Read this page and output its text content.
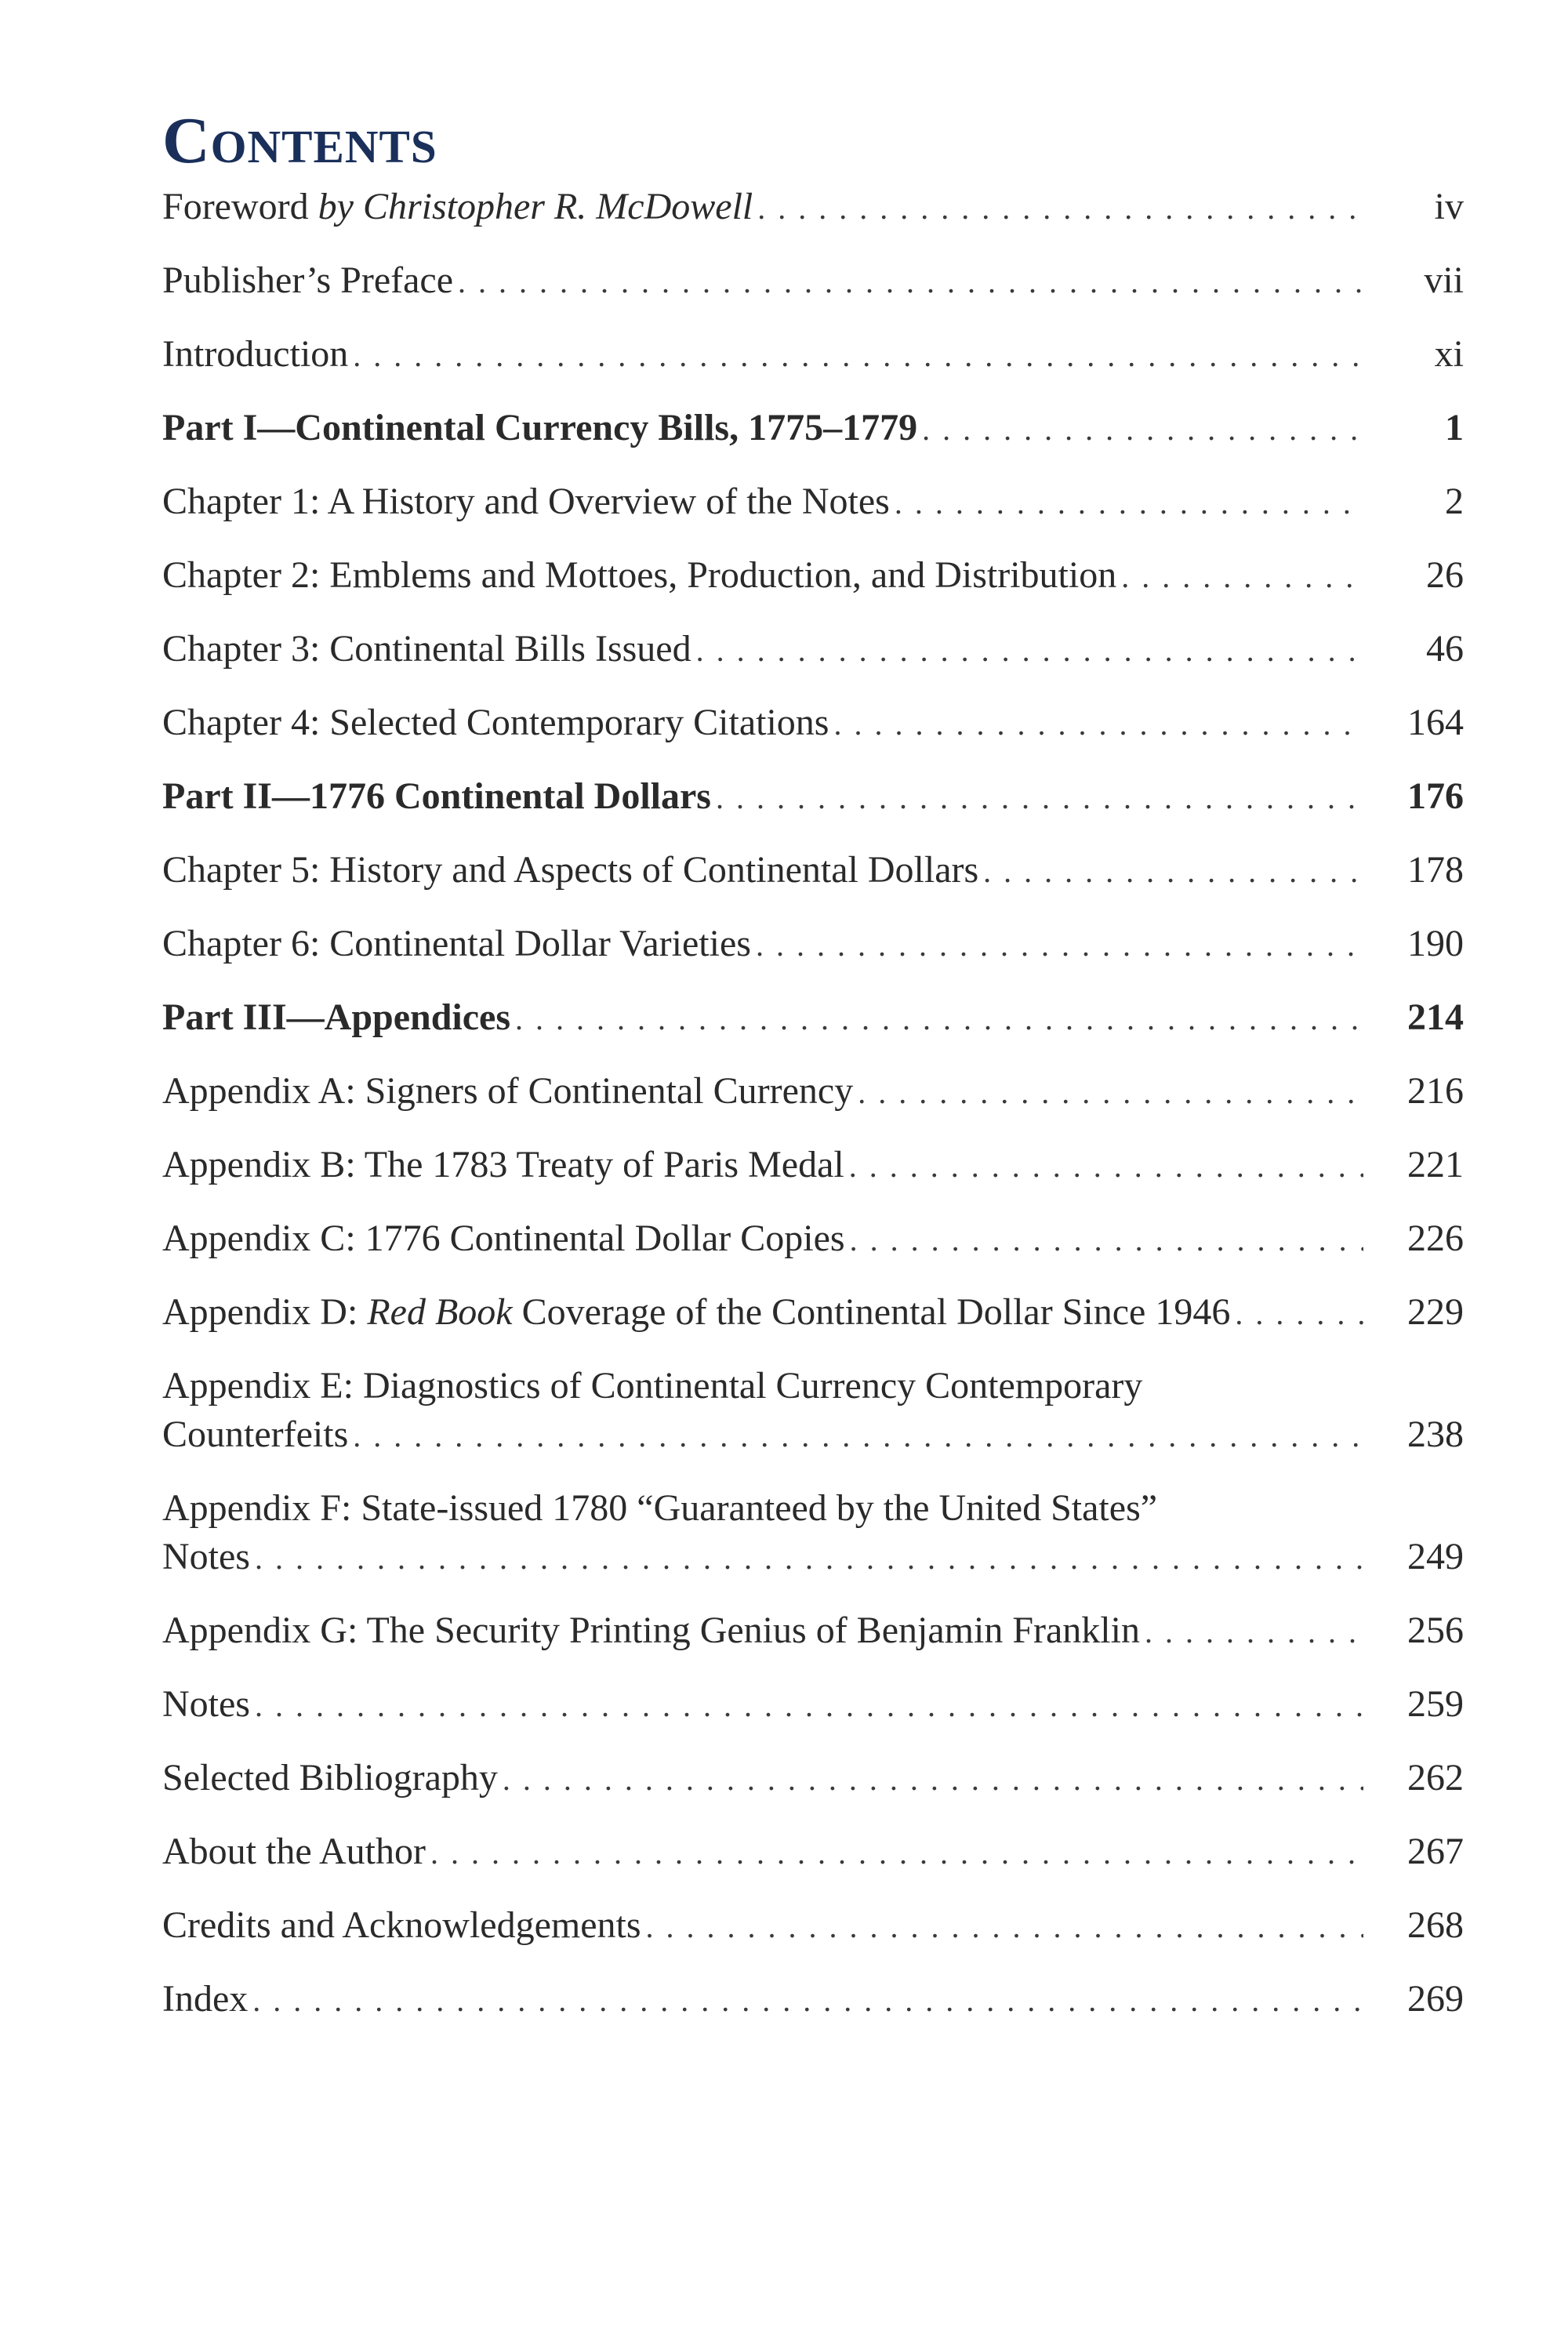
Contents
Foreword by Christopher R. McDowell . . .	iv
Publisher’s Preface . . .	vii
Introduction . . .	xi
Part I—Continental Currency Bills, 1775–1779 . . .	1
Chapter 1: A History and Overview of the Notes . . .	2
Chapter 2: Emblems and Mottoes, Production, and Distribution . . .	26
Chapter 3: Continental Bills Issued . . .	46
Chapter 4: Selected Contemporary Citations . . .	164
Part II—1776 Continental Dollars . . .	176
Chapter 5: History and Aspects of Continental Dollars . . .	178
Chapter 6: Continental Dollar Varieties . . .	190
Part III—Appendices . . .	214
Appendix A: Signers of Continental Currency . . .	216
Appendix B: The 1783 Treaty of Paris Medal . . .	221
Appendix C: 1776 Continental Dollar Copies . . .	226
Appendix D: Red Book Coverage of the Continental Dollar Since 1946 . . .	229
Appendix E: Diagnostics of Continental Currency Contemporary
Counterfeits . . .	238
Appendix F: State-issued 1780 “Guaranteed by the United States”
Notes . . .	249
Appendix G: The Security Printing Genius of Benjamin Franklin . . .	256
Notes . . .	259
Selected Bibliography . . .	262
About the Author . . .	267
Credits and Acknowledgements . . .	268
Index . . .	269
